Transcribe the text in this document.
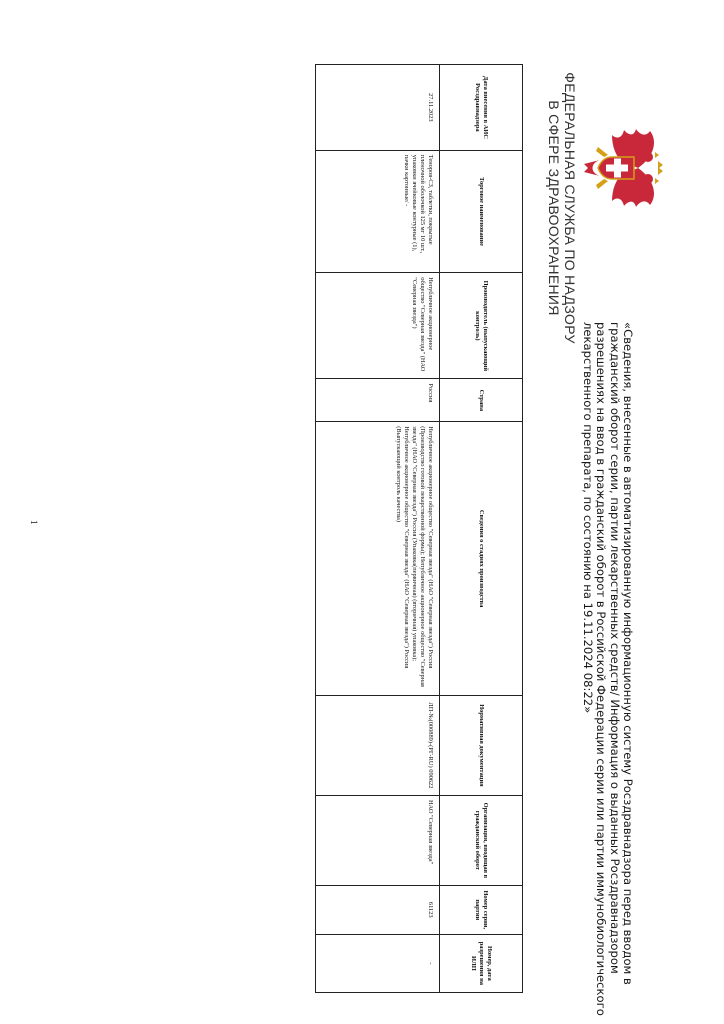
ФЕДЕРАЛЬНАЯ СЛУЖБА ПО НАДЗОРУ
В СФЕРЕ ЗДРАВООХРАНЕНИЯ
«Сведения, внесенные в автоматизированную информационную систему Росздравнадзора перед вводом в гражданский оборот серии, партии лекарственных средств/ Информация о выданных Росздравнадзором разрешениях на ввод в гражданский оборот в Российской Федерации серии или партии иммунобиологического лекарственного препарата, по состоянию на 19.11.2024 08:22»
Дата внесения в АИС Росздравнадзора	Торговое наименование	Производитель (выпускающий контроль)	Страна	Сведения о стадиях производства	Нормативная документация	Организация, вводящая в гражданский оборот	Номер серии, партии	Номер, дата разрешения на ИЛП
27.11.2023	Теноров-СЗ, таблетки, покрытые пленочной оболочкой 125 мг 10 шт., упаковки ячейковые контурные (1), пачки картонные/ -	Непубличное акционерное общество "Северная звезда" (НАО "Северная звезда")	Россия	Непубличное акционерное общество "Северная звезда" (НАО "Северная звезда") Россия (Производство готовой лекарственной формы); Непубличное акционерное общество "Северная звезда" (НАО "Северная звезда") Россия (Упаковка(первичная) (вторичная) упаковка); Непубличное акционерное общество "Северная звезда" (НАО "Северная звезда") Россия (Выпускающий контроль качества)	ЛП-№(000889)-(РГ-RU) 090622	НАО "Северная звезда"	61123	-
1
